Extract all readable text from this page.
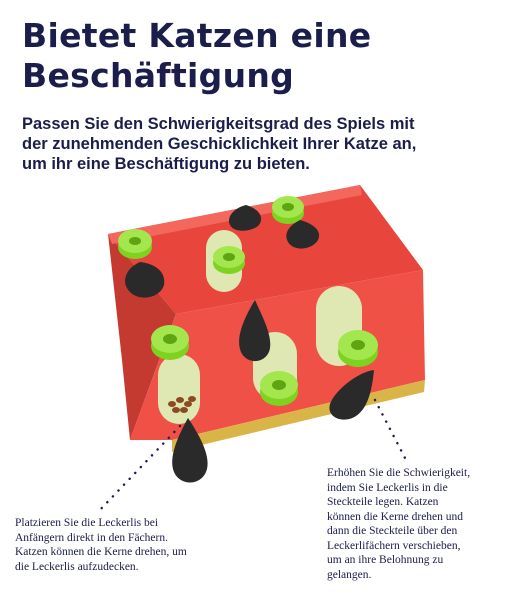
Bietet Katzen eine
Beschäftigung
Passen Sie den Schwierigkeitsgrad des Spiels mit
der zunehmenden Geschicklichkeit Ihrer Katze an,
um ihr eine Beschäftigung zu bieten.
Platzieren Sie die Leckerlis bei
Anfängern direkt in den Fächern.
Katzen können die Kerne drehen, um
die Leckerlis aufzudecken.
Erhöhen Sie die Schwierigkeit,
indem Sie Leckerlis in die
Steckteile legen. Katzen
können die Kerne drehen und
dann die Steckteile über den
Leckerlifächern verschieben,
um an ihre Belohnung zu
gelangen.
